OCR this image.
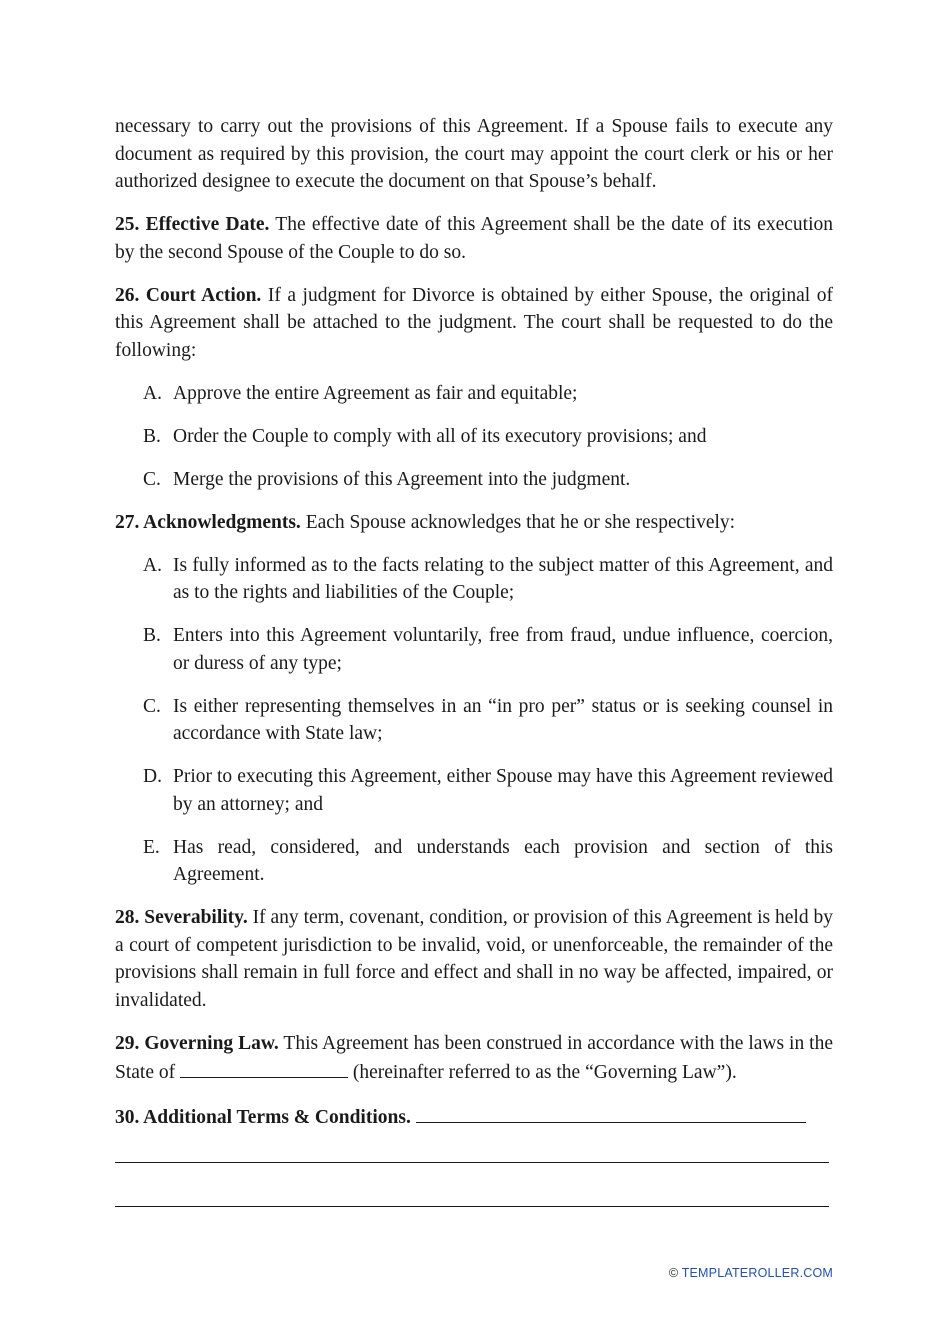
necessary to carry out the provisions of this Agreement. If a Spouse fails to execute any document as required by this provision, the court may appoint the court clerk or his or her authorized designee to execute the document on that Spouse’s behalf.

25. Effective Date. The effective date of this Agreement shall be the date of its execution by the second Spouse of the Couple to do so.

26. Court Action. If a judgment for Divorce is obtained by either Spouse, the original of this Agreement shall be attached to the judgment. The court shall be requested to do the following:

A. Approve the entire Agreement as fair and equitable;
B. Order the Couple to comply with all of its executory provisions; and
C. Merge the provisions of this Agreement into the judgment.

27. Acknowledgments. Each Spouse acknowledges that he or she respectively:

A. Is fully informed as to the facts relating to the subject matter of this Agreement, and as to the rights and liabilities of the Couple;
B. Enters into this Agreement voluntarily, free from fraud, undue influence, coercion, or duress of any type;
C. Is either representing themselves in an “in pro per” status or is seeking counsel in accordance with State law;
D. Prior to executing this Agreement, either Spouse may have this Agreement reviewed by an attorney; and
E. Has read, considered, and understands each provision and section of this Agreement.

28. Severability. If any term, covenant, condition, or provision of this Agreement is held by a court of competent jurisdiction to be invalid, void, or unenforceable, the remainder of the provisions shall remain in full force and effect and shall in no way be affected, impaired, or invalidated.

29. Governing Law. This Agreement has been construed in accordance with the laws in the State of	(hereinafter referred to as the “Governing Law”).

30. Additional Terms & Conditions.

© TEMPLATEROLLER.COM
